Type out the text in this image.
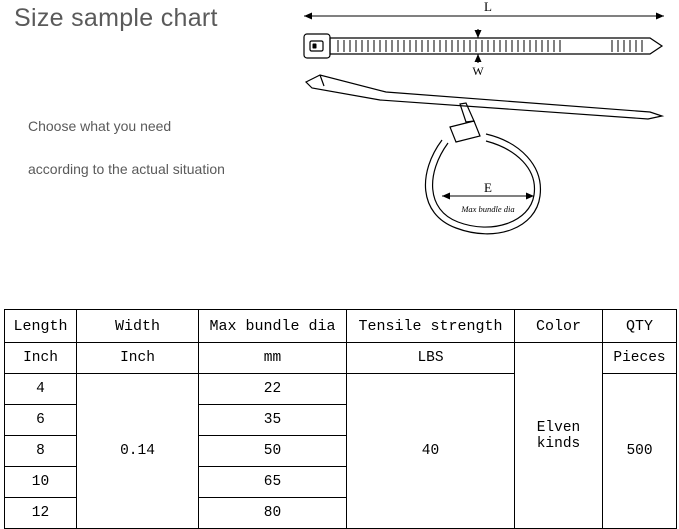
Size sample chart
Choose what you need
according to the actual situation
L
W
E
Max bundle dia
Length	Width	Max bundle dia	Tensile strength	Color	QTY
Inch	Inch	mm	LBS	Elven kinds	Pieces
4	0.14	22	40		500
6		35			
8		50			
10		65			
12		80			
